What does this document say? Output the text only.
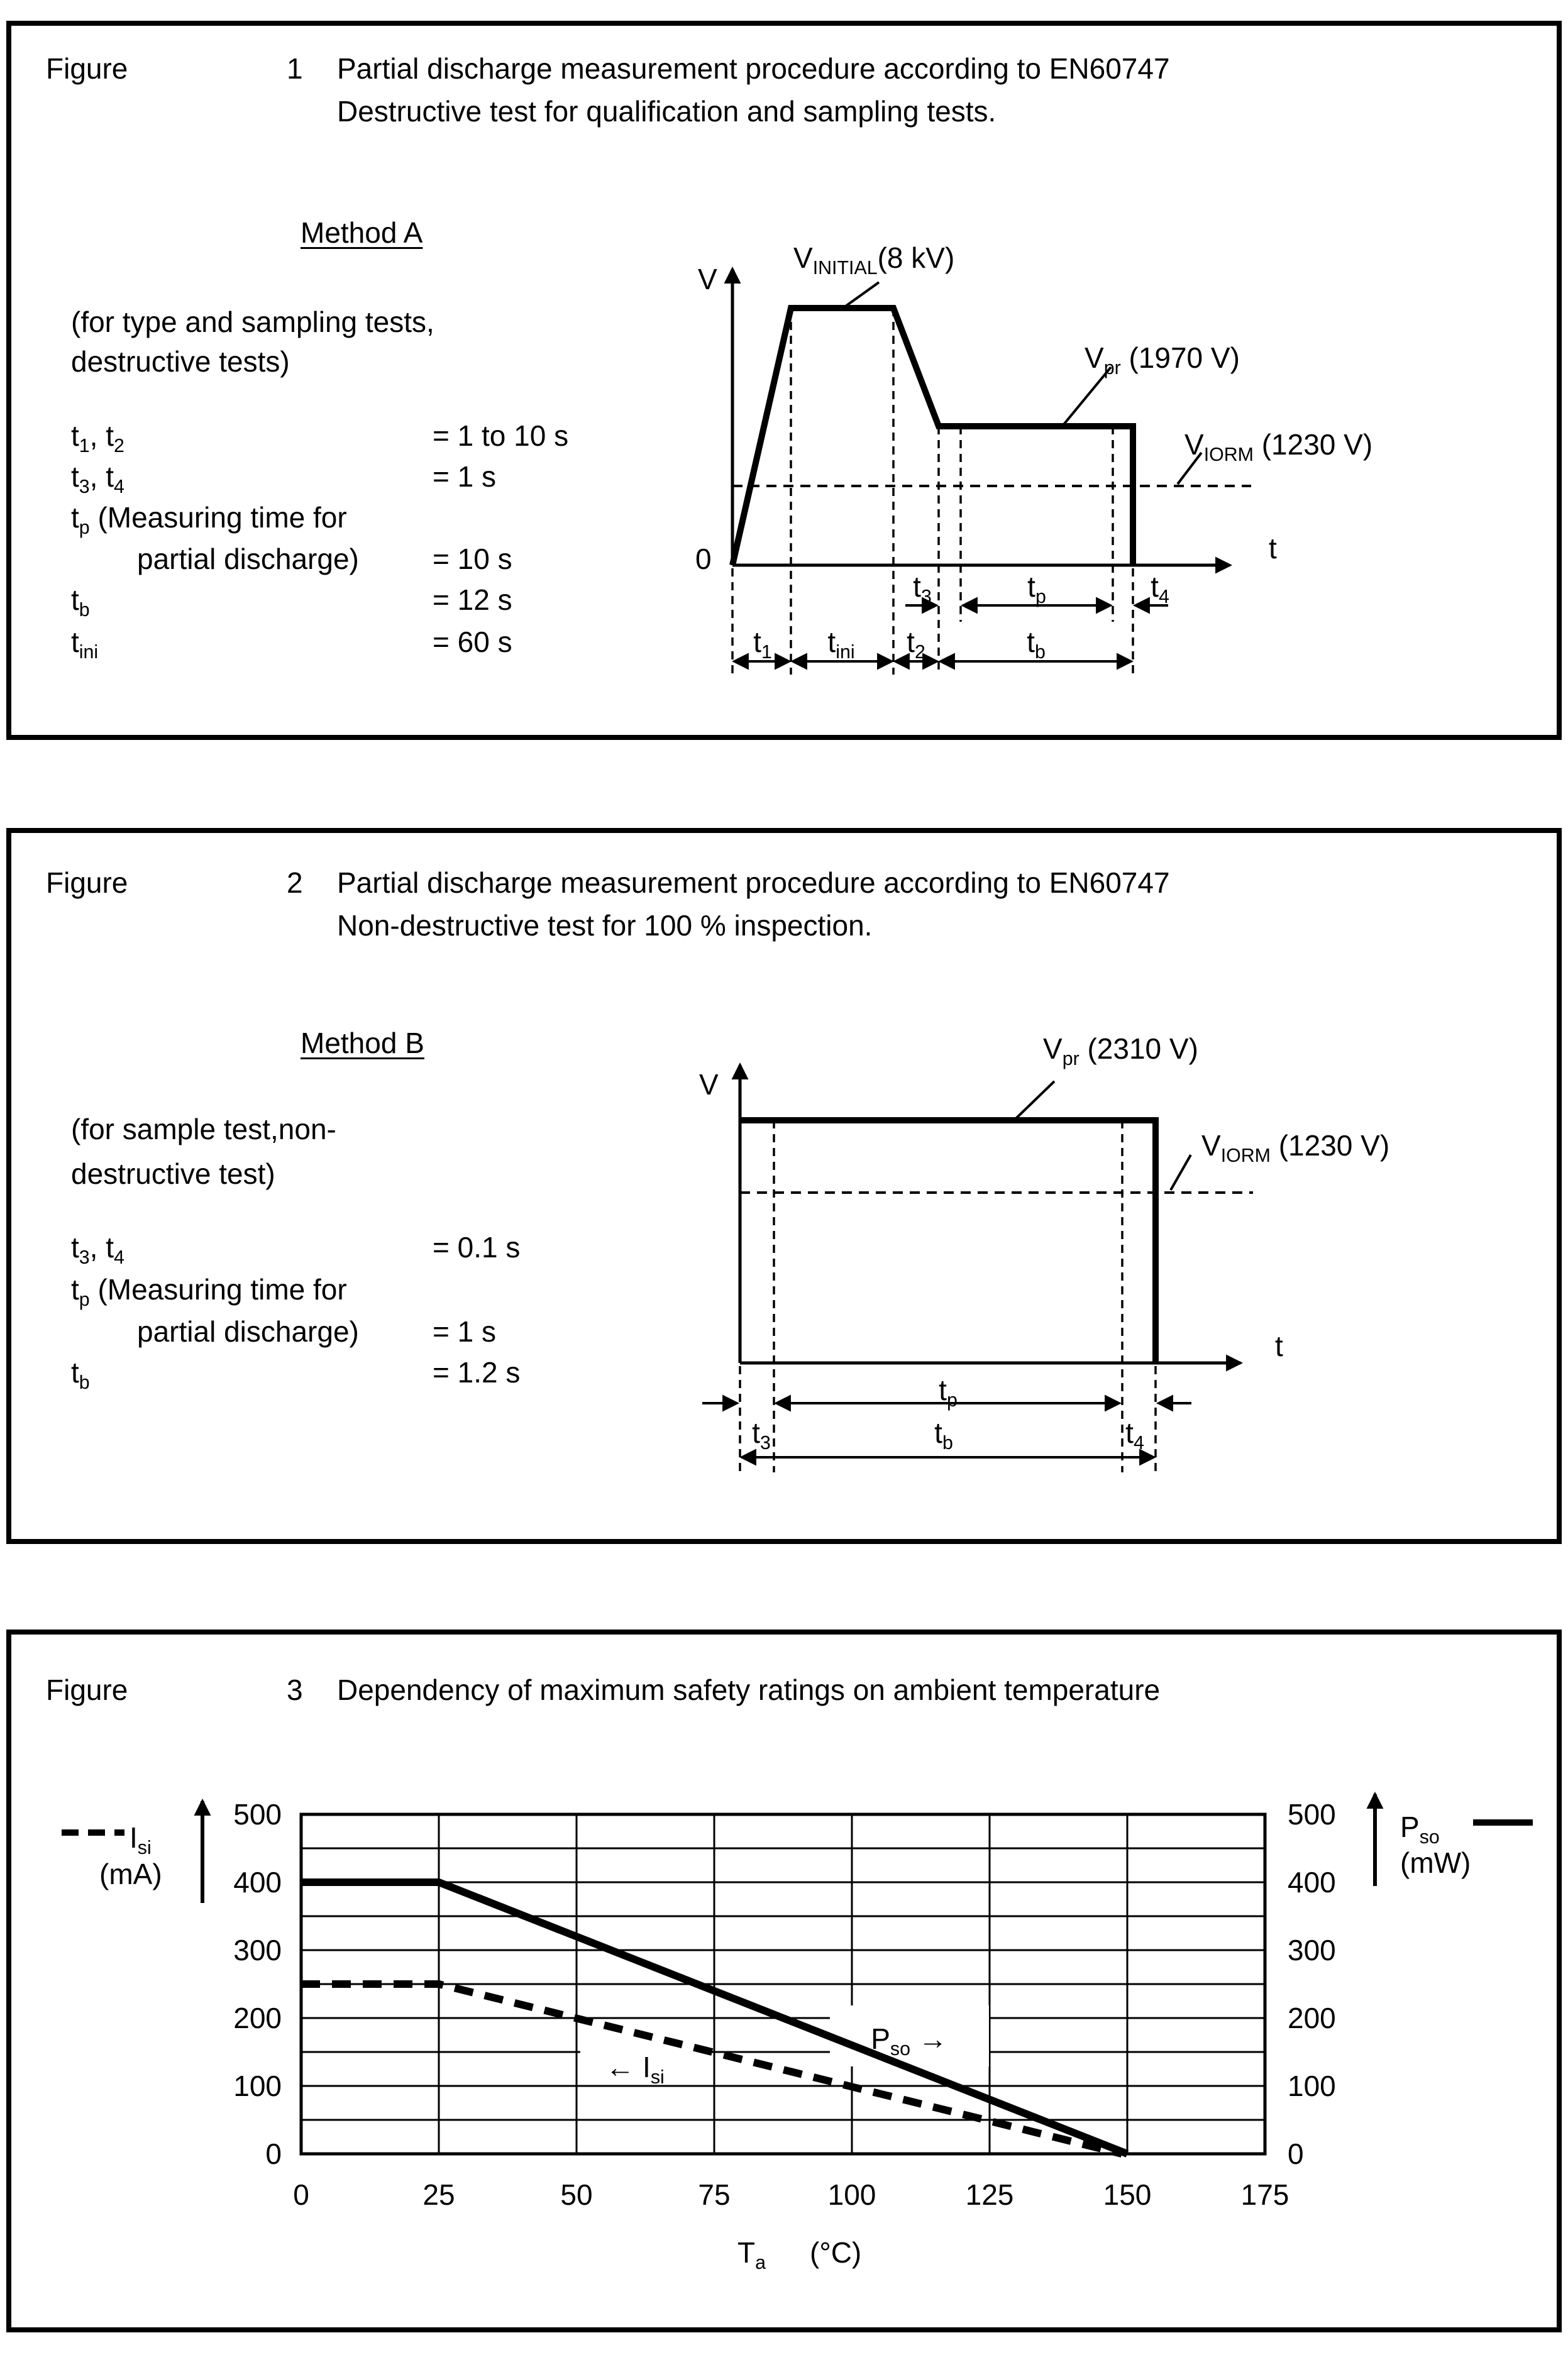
Figure	1 Partial discharge measurement procedure according to EN60747
Destructive test for qualification and sampling tests.
Method A
(for type and sampling tests,
destructive tests)
$t_1$, $t_2$	= 1 to 10 s
$t_3$, $t_4$	= 1 s
$t_p$ (Measuring time for
partial discharge)	= 10 s
$t_b$	= 12 s
$t_{ini}$	= 60 s
V
$V_{INITIAL}(8$ kV)
$V_{pr}$ (1970 V)
$V_{IORM}$ (1230 V)
0	t
$t_3$	$t_p$	$t_4$
$t_1$ $t_{ini}$ $t_2$	$t_b$
Figure	2 Partial discharge measurement procedure according to EN60747
Non-destructive test for 100 % inspection.
Method B
(for sample test,non-
destructive test)
$t_3$, $t_4$	= 0.1 s
$t_p$ (Measuring time for
partial discharge)	= 1 s
$t_b$	= 1.2 s
V
$V_{pr}$ (2310 V)
$V_{IORM}$ (1230 V)
t
$t_p$
$t_3$	$t_b$	$t_4$
Figure	3 Dependency of maximum safety ratings on ambient temperature
$I_{si}$
(mA)
$P_{so}$
(mW)
← $I_{si}$
$P_{so}$ →
$T_a$ (°C)
0	25	50	75	100	125	150	175
0	0
100	100
200	200
300	300
400	400
500	500
